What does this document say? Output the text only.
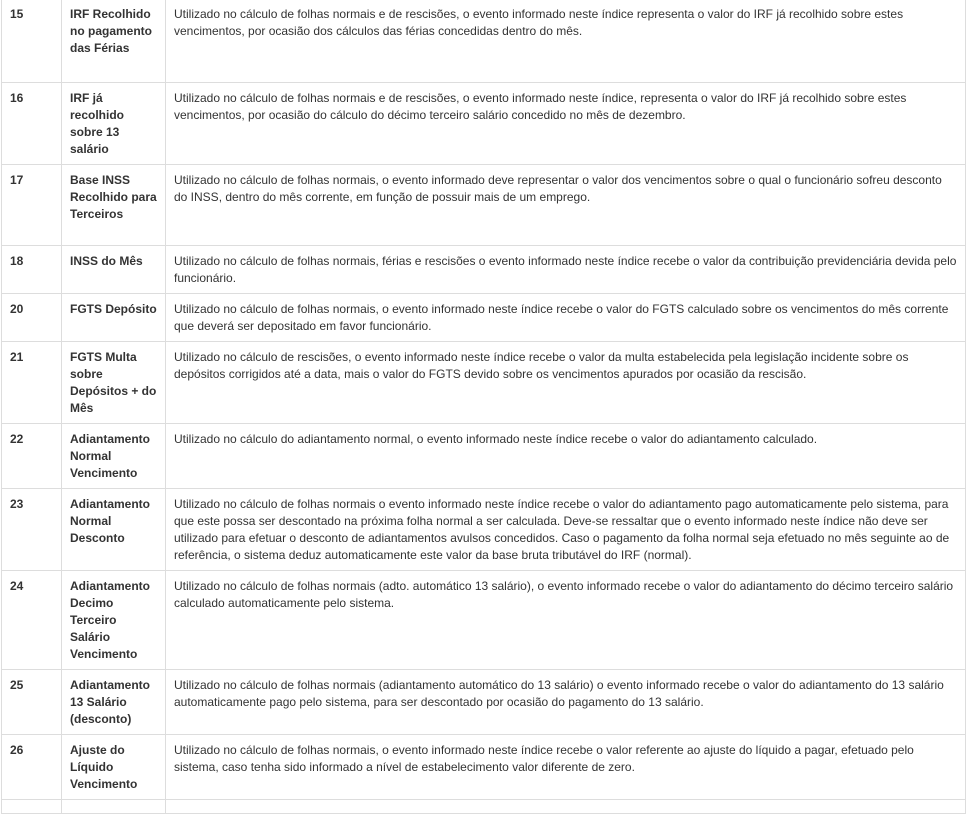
15	IRF Recolhido no pagamento das Férias	Utilizado no cálculo de folhas normais e de rescisões, o evento informado neste índice representa o valor do IRF já recolhido sobre estes vencimentos, por ocasião dos cálculos das férias concedidas dentro do mês.
16	IRF já recolhido sobre 13 salário	Utilizado no cálculo de folhas normais e de rescisões, o evento informado neste índice, representa o valor do IRF já recolhido sobre estes vencimentos, por ocasião do cálculo do décimo terceiro salário concedido no mês de dezembro.
17	Base INSS Recolhido para Terceiros	Utilizado no cálculo de folhas normais, o evento informado deve representar o valor dos vencimentos sobre o qual o funcionário sofreu desconto do INSS, dentro do mês corrente, em função de possuir mais de um emprego.
18	INSS do Mês	Utilizado no cálculo de folhas normais, férias e rescisões o evento informado neste índice recebe o valor da contribuição previdenciária devida pelo funcionário.
20	FGTS Depósito	Utilizado no cálculo de folhas normais, o evento informado neste índice recebe o valor do FGTS calculado sobre os vencimentos do mês corrente que deverá ser depositado em favor funcionário.
21	FGTS Multa sobre Depósitos + do Mês	Utilizado no cálculo de rescisões, o evento informado neste índice recebe o valor da multa estabelecida pela legislação incidente sobre os depósitos corrigidos até a data, mais o valor do FGTS devido sobre os vencimentos apurados por ocasião da rescisão.
22	Adiantamento Normal Vencimento	Utilizado no cálculo do adiantamento normal, o evento informado neste índice recebe o valor do adiantamento calculado.
23	Adiantamento Normal Desconto	Utilizado no cálculo de folhas normais o evento informado neste índice recebe o valor do adiantamento pago automaticamente pelo sistema, para que este possa ser descontado na próxima folha normal a ser calculada. Deve-se ressaltar que o evento informado neste índice não deve ser utilizado para efetuar o desconto de adiantamentos avulsos concedidos. Caso o pagamento da folha normal seja efetuado no mês seguinte ao de referência, o sistema deduz automaticamente este valor da base bruta tributável do IRF (normal).
24	Adiantamento Decimo Terceiro Salário Vencimento	Utilizado no cálculo de folhas normais (adto. automático 13 salário), o evento informado recebe o valor do adiantamento do décimo terceiro salário calculado automaticamente pelo sistema.
25	Adiantamento 13 Salário (desconto)	Utilizado no cálculo de folhas normais (adiantamento automático do 13 salário) o evento informado recebe o valor do adiantamento do 13 salário automaticamente pago pelo sistema, para ser descontado por ocasião do pagamento do 13 salário.
26	Ajuste do Líquido Vencimento	Utilizado no cálculo de folhas normais, o evento informado neste índice recebe o valor referente ao ajuste do líquido a pagar, efetuado pelo sistema, caso tenha sido informado a nível de estabelecimento valor diferente de zero.
